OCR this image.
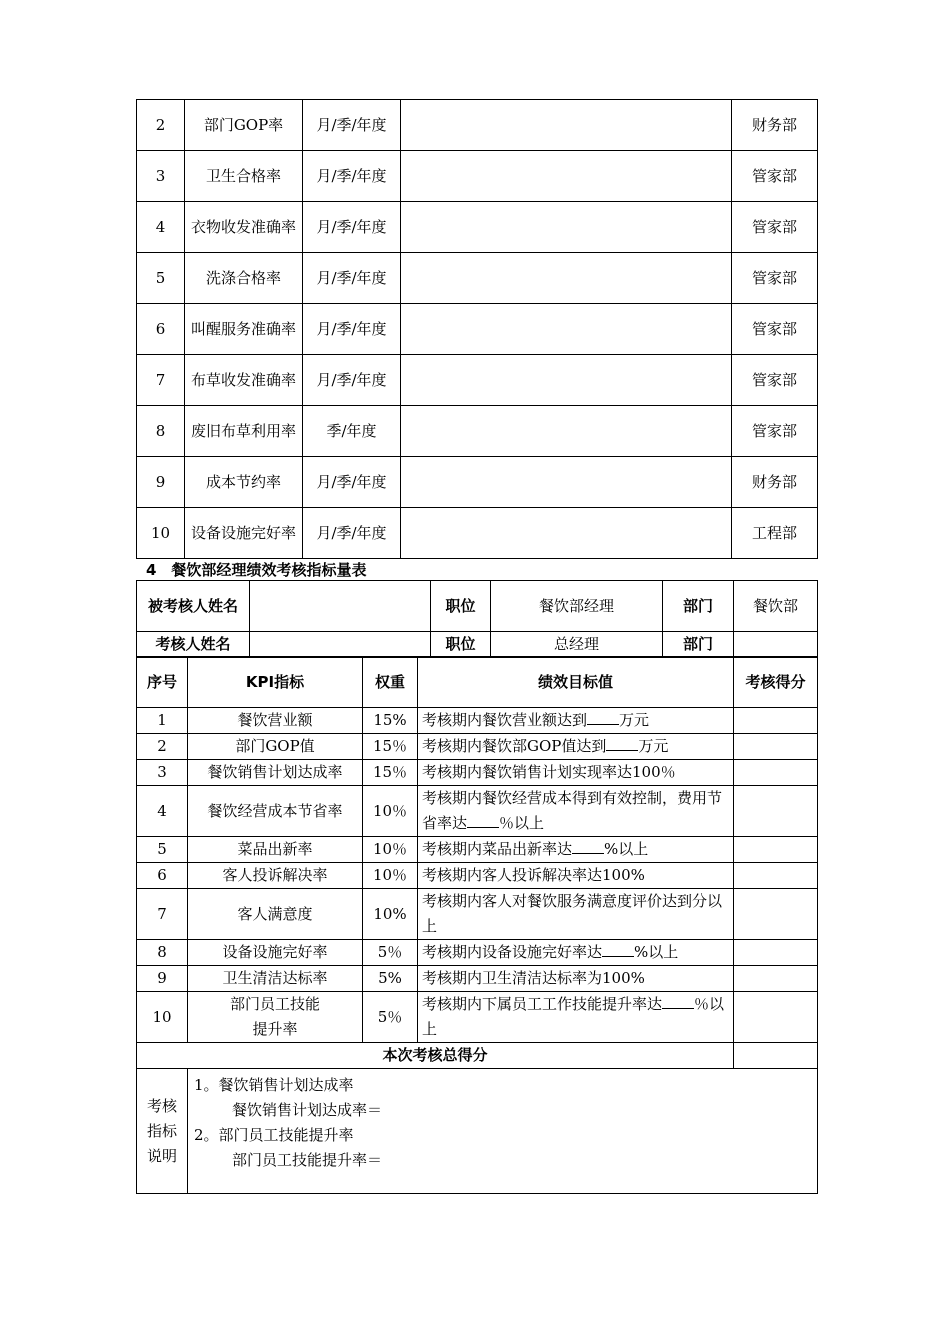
2	部门GOP率	月/季/年度		财务部
3	卫生合格率	月/季/年度		管家部
4	衣物收发准确率	月/季/年度		管家部
5	洗涤合格率	月/季/年度		管家部
6	叫醒服务准确率	月/季/年度		管家部
7	布草收发准确率	月/季/年度		管家部
8	废旧布草利用率	季/年度		管家部
9	成本节约率	月/季/年度		财务部
10	设备设施完好率	月/季/年度		工程部
4　餐饮部经理绩效考核指标量表
被考核人姓名		职位	餐饮部经理	部门	餐饮部
考核人姓名		职位	总经理	部门	
序号	KPI指标	权重	绩效目标值	考核得分
1	餐饮营业额	15%	考核期内餐饮营业额达到 万元	
2	部门GOP值	15％	考核期内餐饮部GOP值达到 万元	
3	餐饮销售计划达成率	15％	考核期内餐饮销售计划实现率达100％	
4	餐饮经营成本节省率	10％	考核期内餐饮经营成本得到有效控制，费用节省率达 ％以上	
5	菜品出新率	10％	考核期内菜品出新率达 %以上	
6	客人投诉解决率	10％	考核期内客人投诉解决率达100%	
7	客人满意度	10%	考核期内客人对餐饮服务满意度评价达到分以上	
8	设备设施完好率	5％	考核期内设备设施完好率达 %以上	
9	卫生清洁达标率	5%	考核期内卫生清洁达标率为100%	
10	部门员工技能提升率	5％	考核期内下属员工工作技能提升率达 ％以上	
本次考核总得分				
考核指标说明	1。餐饮销售计划达成率
餐饮销售计划达成率＝
2。部门员工技能提升率
部门员工技能提升率＝			
